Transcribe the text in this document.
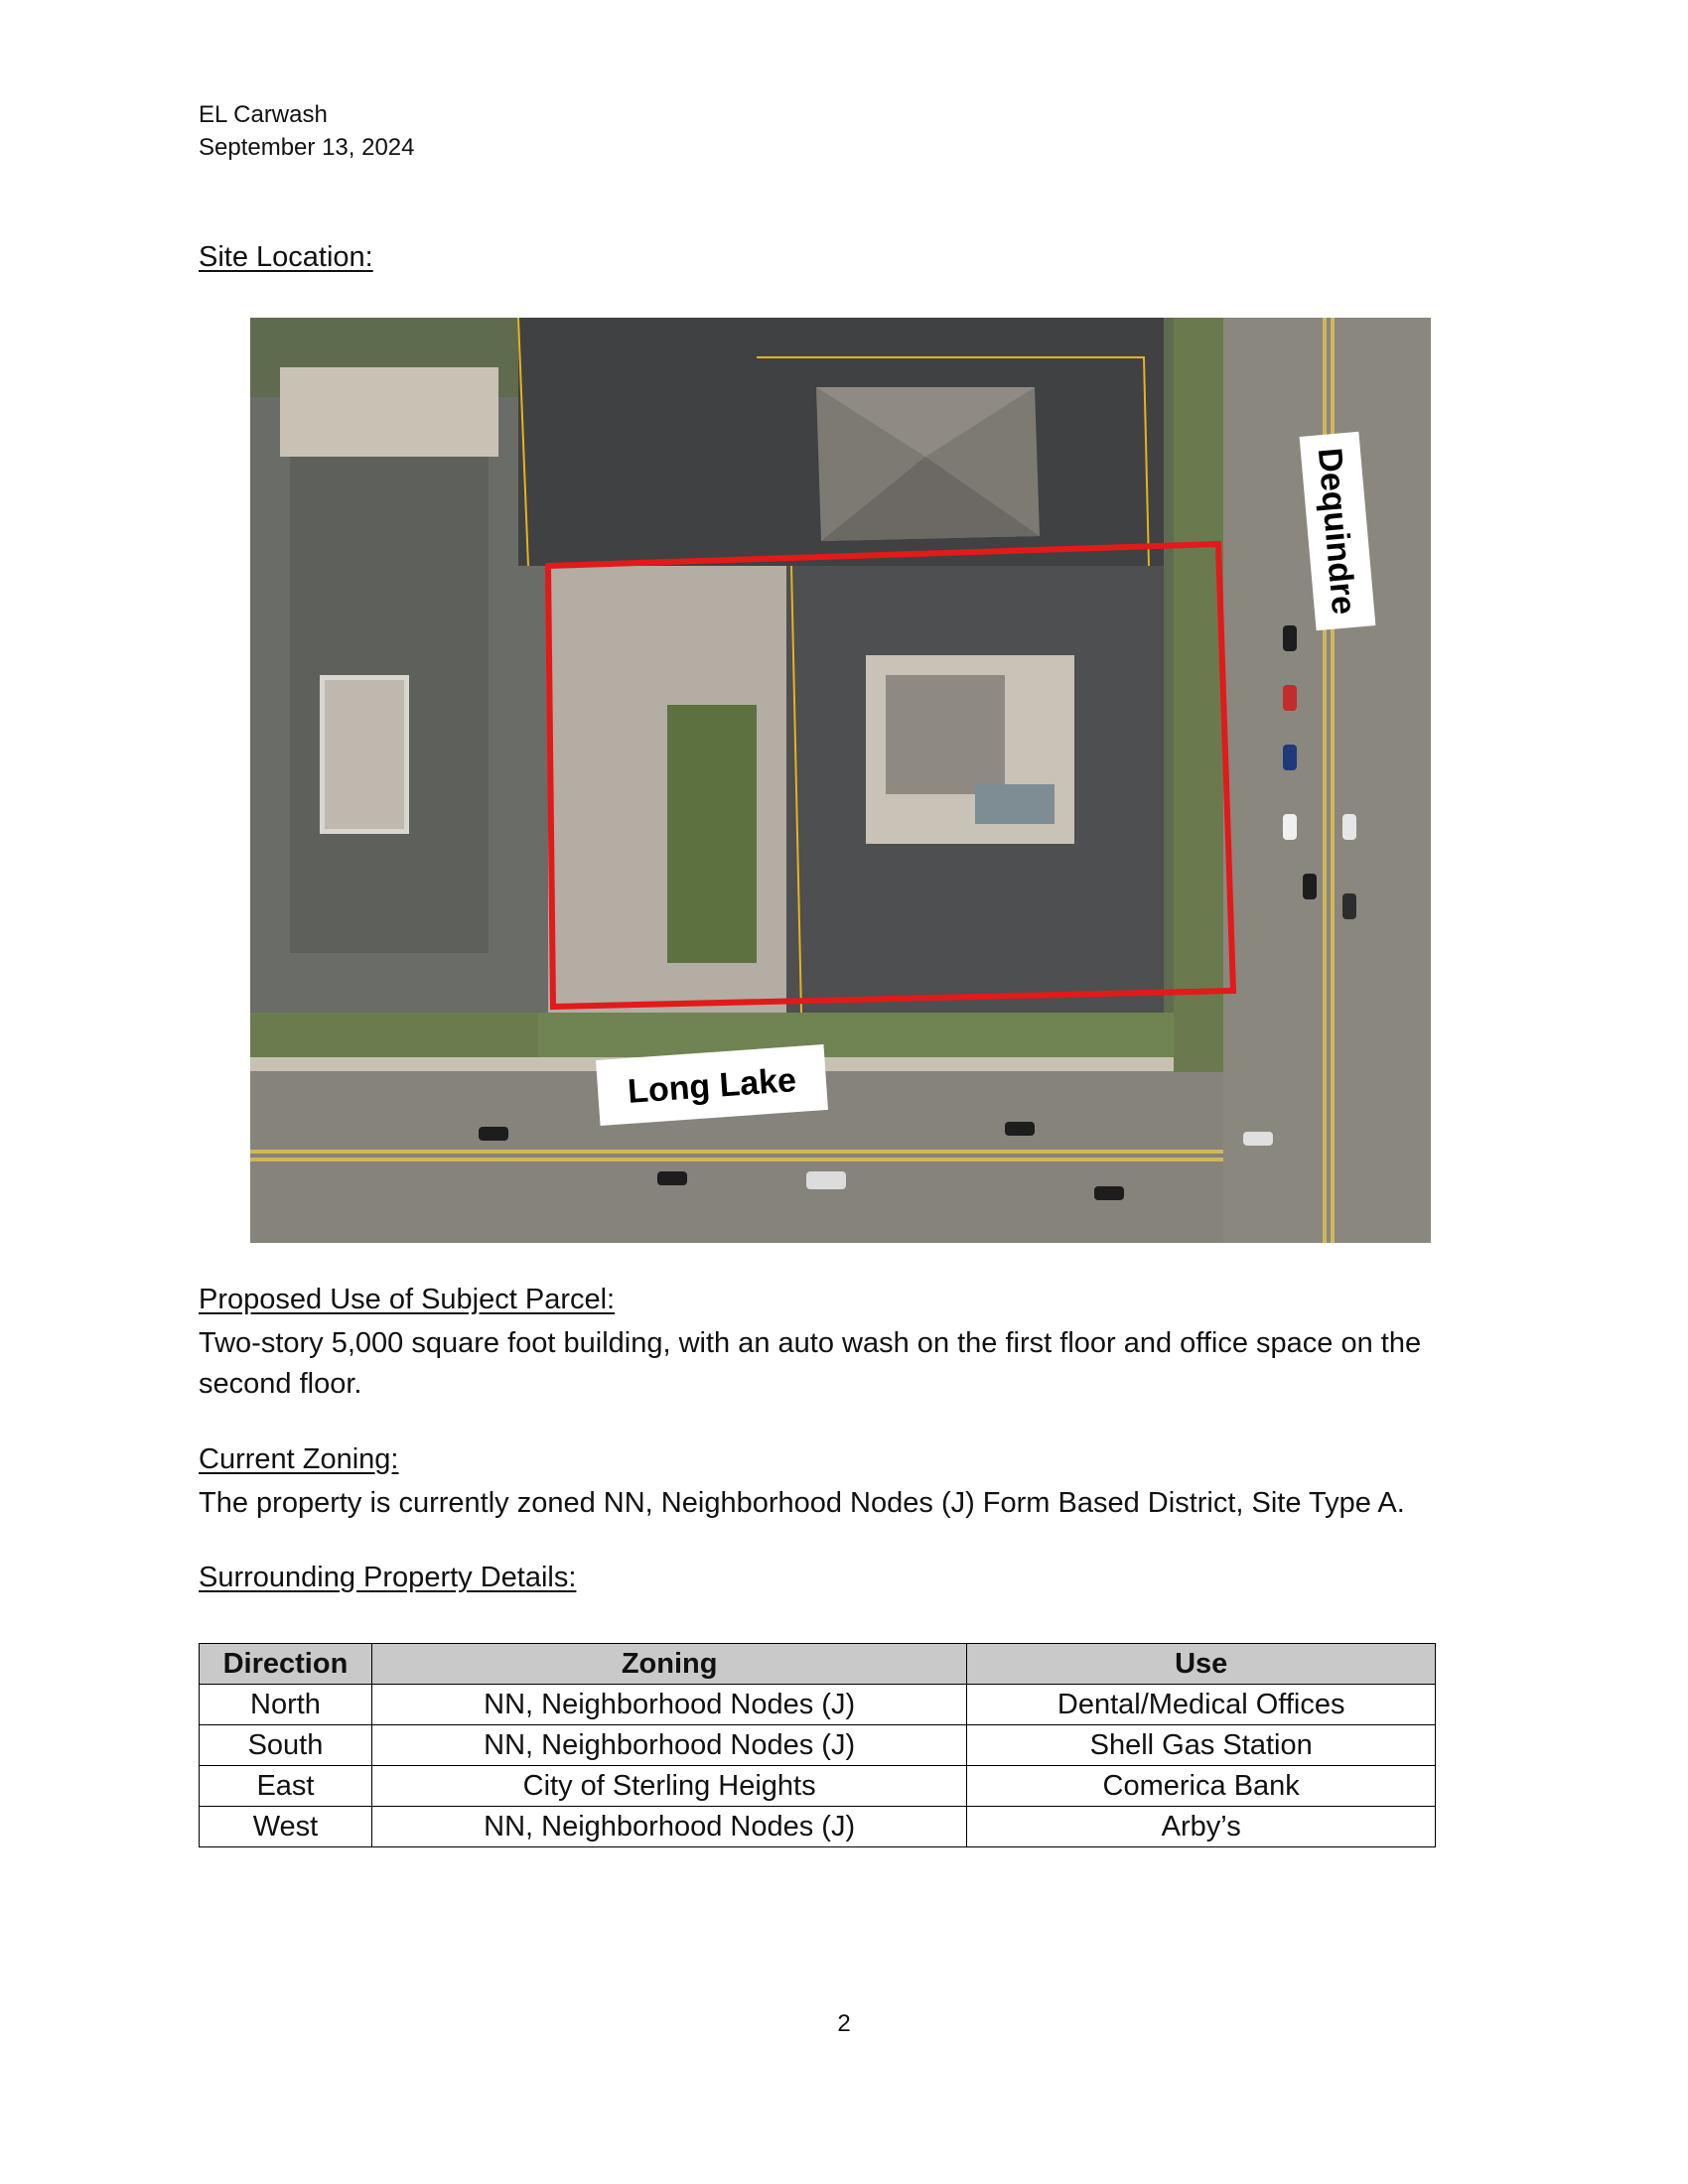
EL Carwash
September 13, 2024
Site Location:
Dequindre
Long Lake
Proposed Use of Subject Parcel:
Two-story 5,000 square foot building, with an auto wash on the first floor and office space on the second floor.
Current Zoning:
The property is currently zoned NN, Neighborhood Nodes (J) Form Based District, Site Type A.
Surrounding Property Details:
Direction	Zoning	Use
North	NN, Neighborhood Nodes (J)	Dental/Medical Offices
South	NN, Neighborhood Nodes (J)	Shell Gas Station
East	City of Sterling Heights	Comerica Bank
West	NN, Neighborhood Nodes (J)	Arby’s
2
